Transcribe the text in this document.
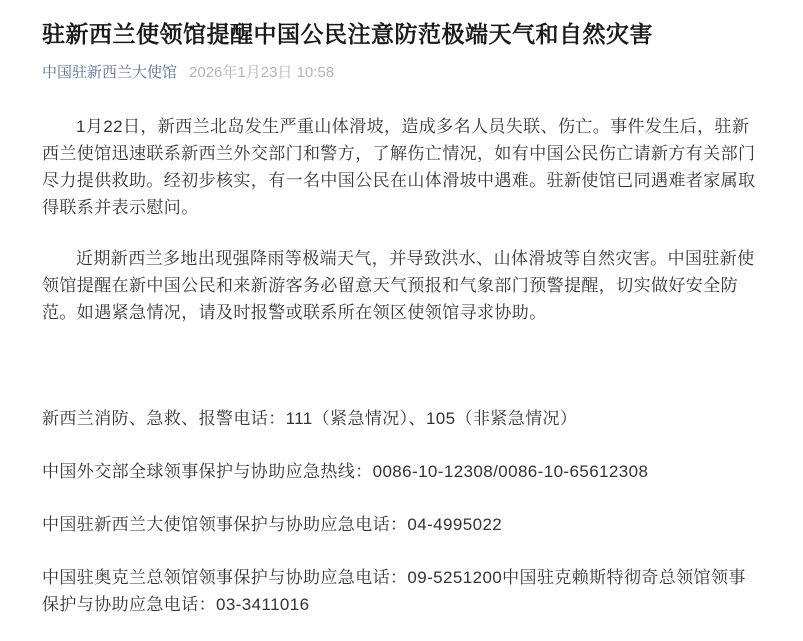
驻新西兰使领馆提醒中国公民注意防范极端天气和自然灾害
中国驻新西兰大使馆 2026年1月23日 10:58

1月22日，新西兰北岛发生严重山体滑坡，造成多名人员失联、伤亡。事件发生后，驻新西兰使馆迅速联系新西兰外交部门和警方，了解伤亡情况，如有中国公民伤亡请新方有关部门尽力提供救助。经初步核实，有一名中国公民在山体滑坡中遇难。驻新使馆已同遇难者家属取得联系并表示慰问。

近期新西兰多地出现强降雨等极端天气，并导致洪水、山体滑坡等自然灾害。中国驻新使领馆提醒在新中国公民和来新游客务必留意天气预报和气象部门预警提醒，切实做好安全防范。如遇紧急情况，请及时报警或联系所在领区使领馆寻求协助。

新西兰消防、急救、报警电话：111（紧急情况）、105（非紧急情况）

中国外交部全球领事保护与协助应急热线：0086-10-12308/0086-10-65612308

中国驻新西兰大使馆领事保护与协助应急电话：04-4995022

中国驻奥克兰总领馆领事保护与协助应急电话：09-5251200中国驻克赖斯特彻奇总领馆领事保护与协助应急电话：03-3411016
